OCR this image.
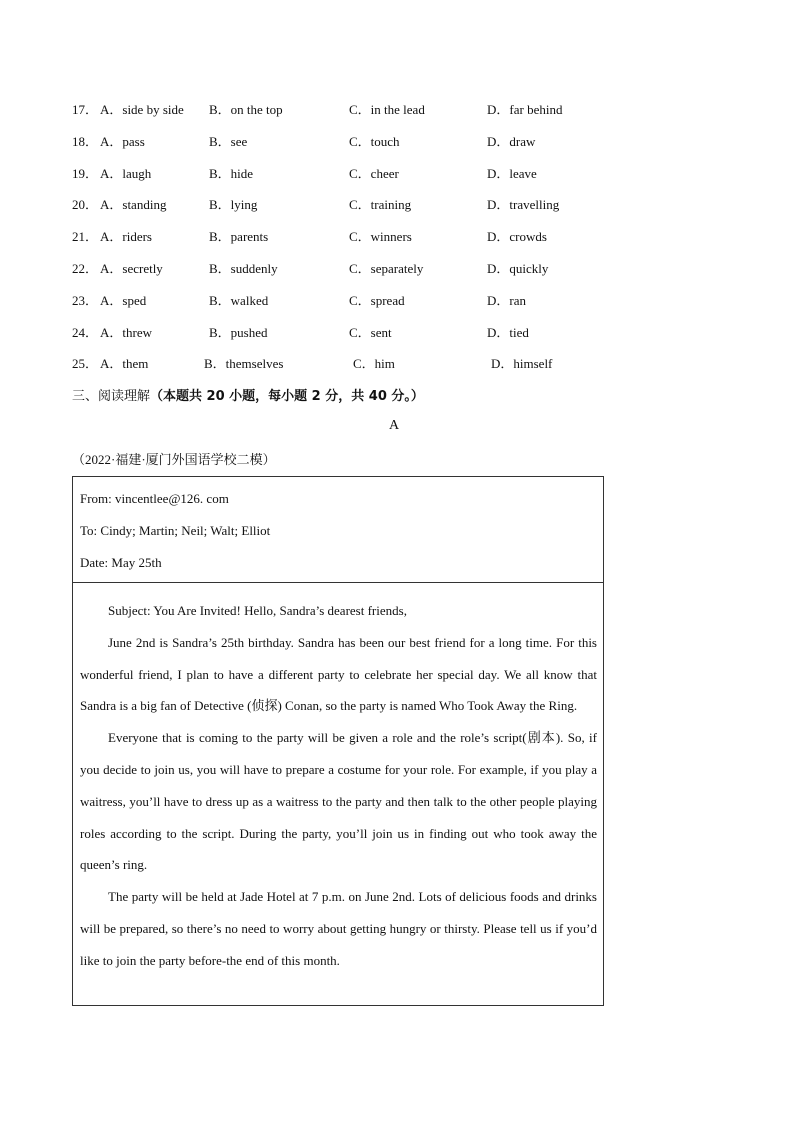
17． A．side by side B．on the top	C．in the lead	D．far behind
18． A．pass	B．see	C．touch	D．draw
19． A．laugh	B．hide	C．cheer	D．leave
20． A．standing	B．lying	C．training	D．travelling
21． A．riders	B．parents	C．winners	D．crowds
22． A．secretly	B．suddenly	C．separately	D．quickly
23． A．sped	B．walked	C．spread	D．ran
24． A．threw	B．pushed	C．sent	D．tied
25． A．them	B．themselves	C．him	D．himself
三、阅读理解（本题共 20 小题，每小题 2 分，共 40 分。）
A
（2022·福建·厦门外国语学校二模）
From: vincentlee@126. com
To: Cindy; Martin; Neil; Walt; Elliot
Date: May 25th

Subject: You Are Invited! Hello, Sandra’s dearest friends,

June 2nd is Sandra’s 25th birthday. Sandra has been our best friend for a long time. For this wonderful friend, I plan to have a different party to celebrate her special day. We all know that Sandra is a big fan of Detective (侦探) Conan, so the party is named Who Took Away the Ring.

Everyone that is coming to the party will be given a role and the role’s script(剧本). So, if you decide to join us, you will have to prepare a costume for your role. For example, if you play a waitress, you’ll have to dress up as a waitress to the party and then talk to the other people playing roles according to the script. During the party, you’ll join us in finding out who took away the queen’s ring.

The party will be held at Jade Hotel at 7 p.m. on June 2nd. Lots of delicious foods and drinks will be prepared, so there’s no need to worry about getting hungry or thirsty. Please tell us if you’d like to join the party before-the end of this month.
